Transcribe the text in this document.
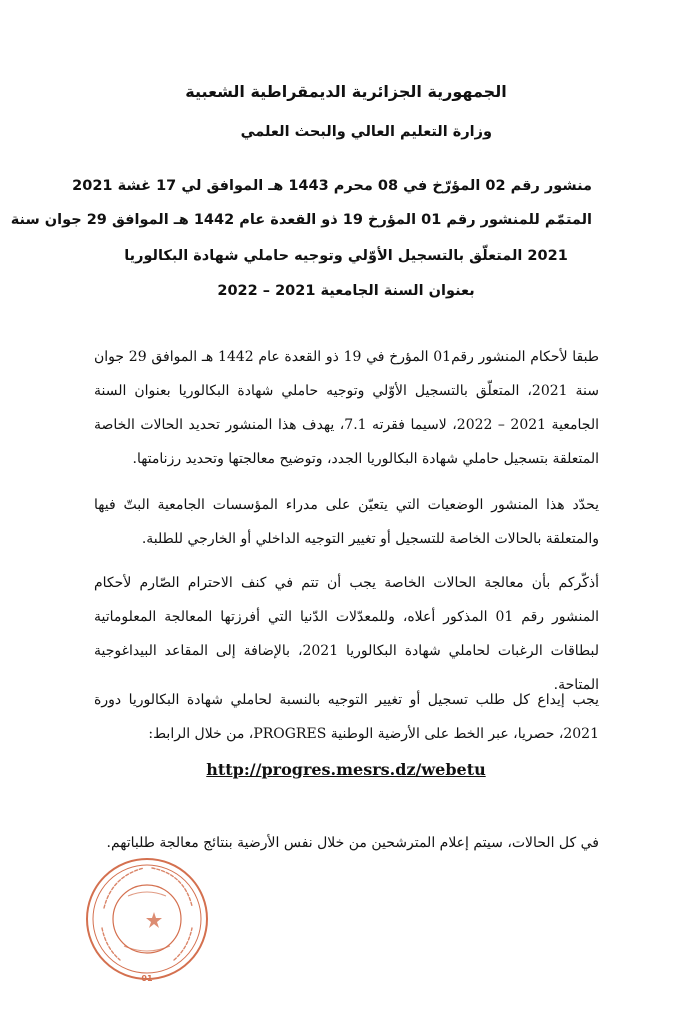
الجمهورية الجزائرية الديمقراطية الشعبية
وزارة التعليم العالي والبحث العلمي
منشور رقم 02 المؤرّخ في 08 محرم 1443 هـ الموافق لي 17 غشة 2021
المتمّم للمنشور رقم 01 المؤرخ 19 ذو القعدة عام 1442 هـ الموافق 29 جوان سنة
2021 المتعلّق بالتسجيل الأوّلي وتوجيه حاملي شهادة البكالوريا
بعنوان السنة الجامعية 2021 – 2022
طبقا لأحكام المنشور رقم01 المؤرخ في 19 ذو القعدة عام 1442 هـ الموافق 29 جوان سنة 2021، المتعلّق بالتسجيل الأوّلي وتوجيه حاملي شهادة البكالوريا بعنوان السنة الجامعية 2021 – 2022، لاسيما فقرته 7.1، يهدف هذا المنشور تحديد الحالات الخاصة المتعلقة بتسجيل حاملي شهادة البكالوريا الجدد، وتوضيح معالجتها وتحديد رزنامتها.
يحدّد هذا المنشور الوضعيات التي يتعيّن على مدراء المؤسسات الجامعية البتّ فيها والمتعلقة بالحالات الخاصة للتسجيل أو تغيير التوجيه الداخلي أو الخارجي للطلبة.
أذكّركم بأن معالجة الحالات الخاصة يجب أن تتم في كنف الاحترام الصّارم لأحكام المنشور رقم 01 المذكور أعلاه، وللمعدّلات الدّنيا التي أفرزتها المعالجة المعلوماتية لبطاقات الرغبات لحاملي شهادة البكالوريا 2021، بالإضافة إلى المقاعد البيداغوجية المتاحة.
يجب إيداع كل طلب تسجيل أو تغيير التوجيه بالنسبة لحاملي شهادة البكالوريا دورة 2021، حصريا، عبر الخط على الأرضية الوطنية PROGRES، من خلال الرابط:
http://progres.mesrs.dz/webetu
في كل الحالات، سيتم إعلام المترشحين من خلال نفس الأرضية بنتائج معالجة طلباتهم.
01
